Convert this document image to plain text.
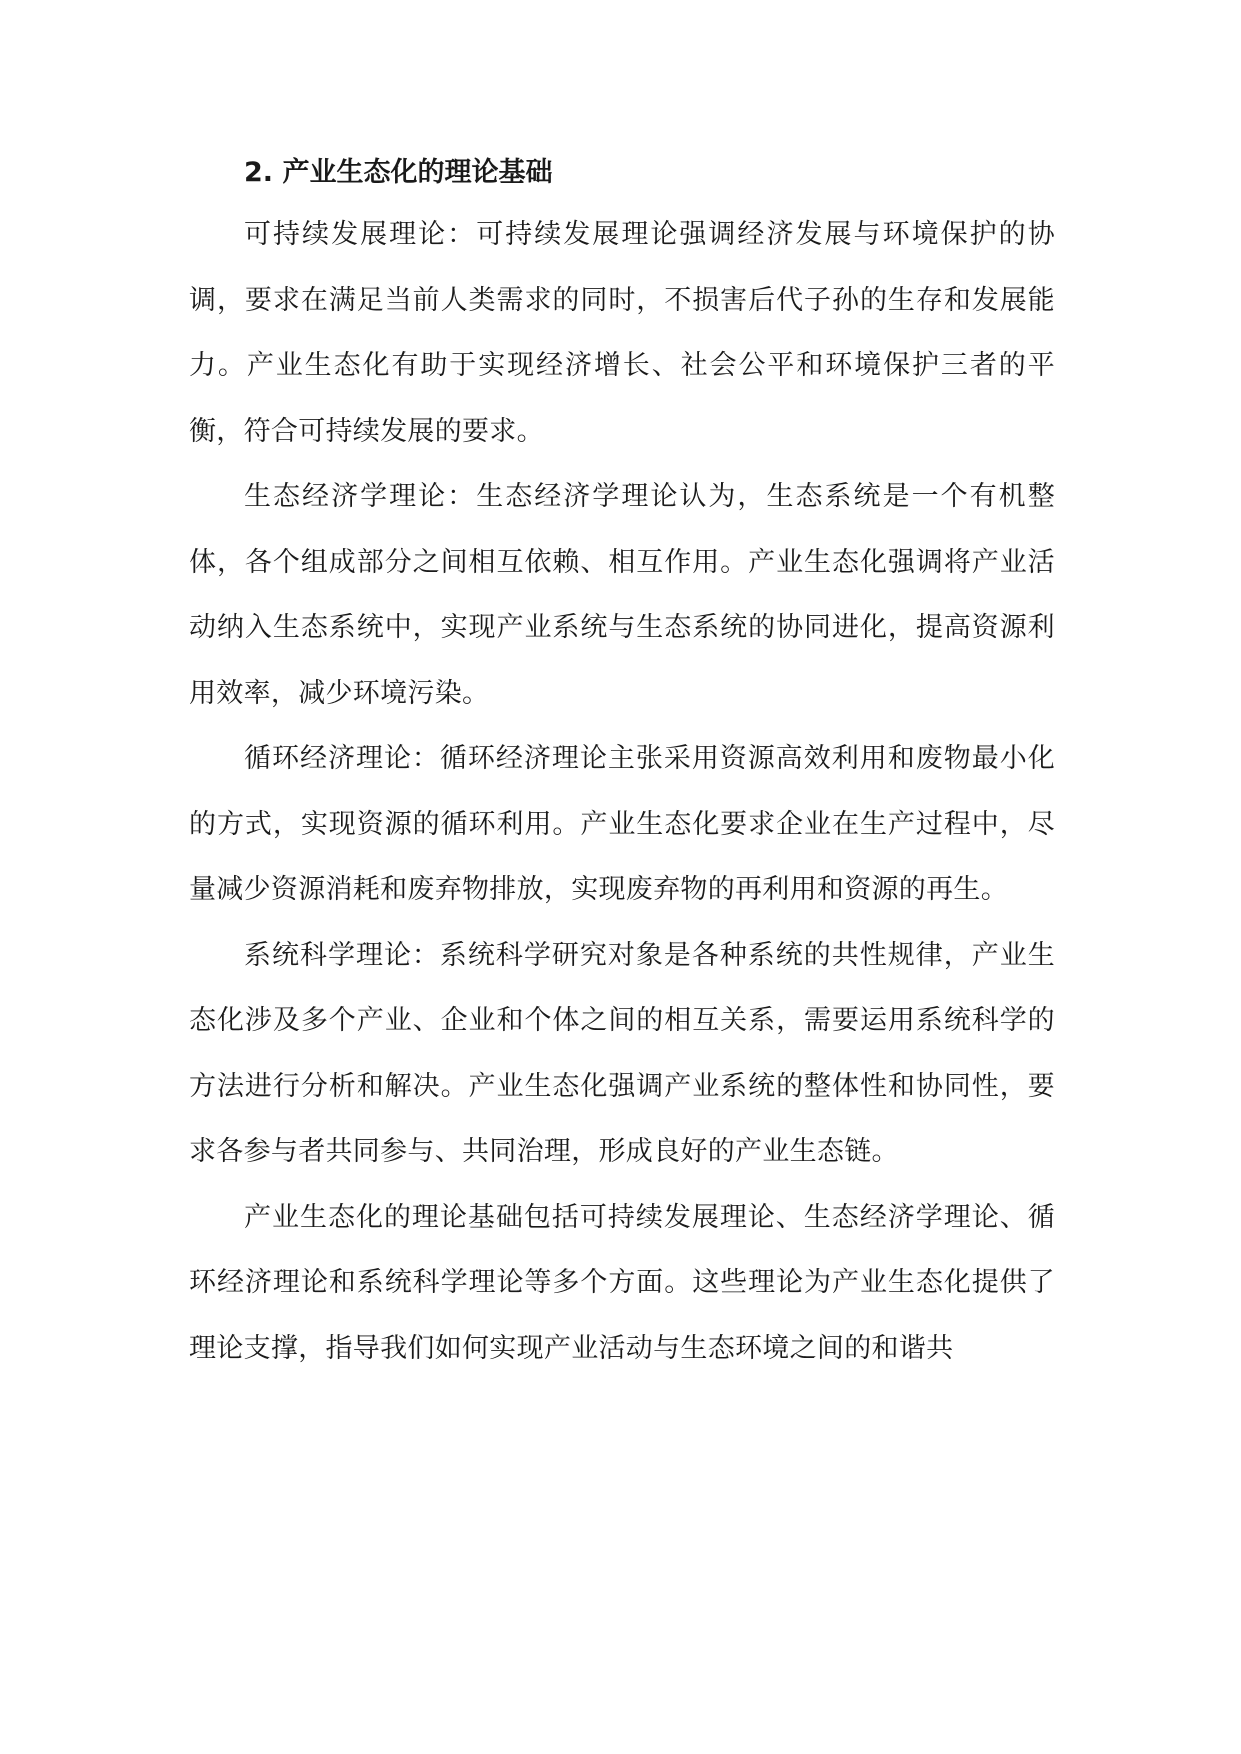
2. 产业生态化的理论基础

可持续发展理论：可持续发展理论强调经济发展与环境保护的协调，要求在满足当前人类需求的同时，不损害后代子孙的生存和发展能力。产业生态化有助于实现经济增长、社会公平和环境保护三者的平衡，符合可持续发展的要求。

生态经济学理论：生态经济学理论认为，生态系统是一个有机整体，各个组成部分之间相互依赖、相互作用。产业生态化强调将产业活动纳入生态系统中，实现产业系统与生态系统的协同进化，提高资源利用效率，减少环境污染。

循环经济理论：循环经济理论主张采用资源高效利用和废物最小化的方式，实现资源的循环利用。产业生态化要求企业在生产过程中，尽量减少资源消耗和废弃物排放，实现废弃物的再利用和资源的再生。

系统科学理论：系统科学研究对象是各种系统的共性规律，产业生态化涉及多个产业、企业和个体之间的相互关系，需要运用系统科学的方法进行分析和解决。产业生态化强调产业系统的整体性和协同性，要求各参与者共同参与、共同治理，形成良好的产业生态链。

产业生态化的理论基础包括可持续发展理论、生态经济学理论、循环经济理论和系统科学理论等多个方面。这些理论为产业生态化提供了理论支撑，指导我们如何实现产业活动与生态环境之间的和谐共
